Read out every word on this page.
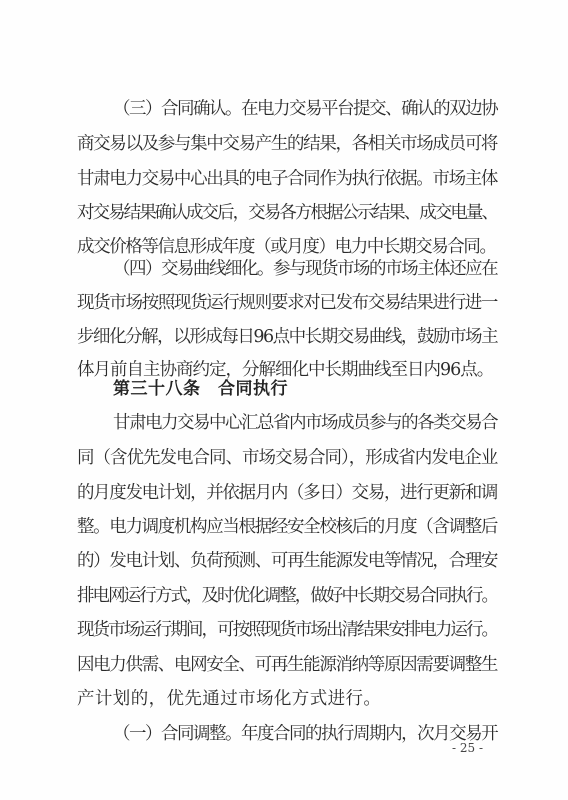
（三）合同确认。在电力交易平台提交、确认的双边协
商交易以及参与集中交易产生的结果，各相关市场成员可将
甘肃电力交易中心出具的电子合同作为执行依据。市场主体
对交易结果确认成交后，交易各方根据公示结果、成交电量、
成交价格等信息形成年度（或月度）电力中长期交易合同。
（四）交易曲线细化。参与现货市场的市场主体还应在
现货市场按照现货运行规则要求对已发布交易结果进行进一
步细化分解，以形成每日96点中长期交易曲线，鼓励市场主
第三十八条　合同执行
甘肃电力交易中心汇总省内市场成员参与的各类交易合
同（含优先发电合同、市场交易合同），形成省内发电企业
的月度发电计划，并依据月内（多日）交易，进行更新和调
整。电力调度机构应当根据经安全校核后的月度（含调整后
的）发电计划、负荷预测、可再生能源发电等情况，合理安
排电网运行方式，及时优化调整，做好中长期交易合同执行。
现货市场运行期间，可按照现货市场出清结果安排电力运行。
因电力供需、电网安全、可再生能源消纳等原因需要调整生
产计划的，优先通过市场化方式进行。
（一）合同调整。年度合同的执行周期内，次月交易开
- 25 -
体月前自主协商约定，分解细化中长期曲线至日内96点。
